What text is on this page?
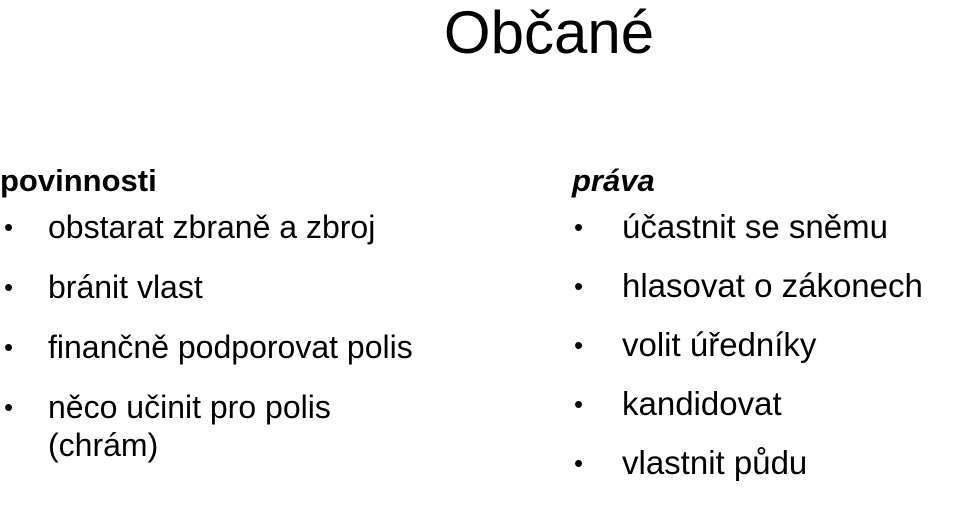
Občané
povinnosti
• obstarat zbraně a zbroj
• bránit vlast
• finančně podporovat polis
• něco učinit pro polis (chrám)
práva
• účastnit se sněmu
• hlasovat o zákonech
• volit úředníky
• kandidovat
• vlastnit půdu
